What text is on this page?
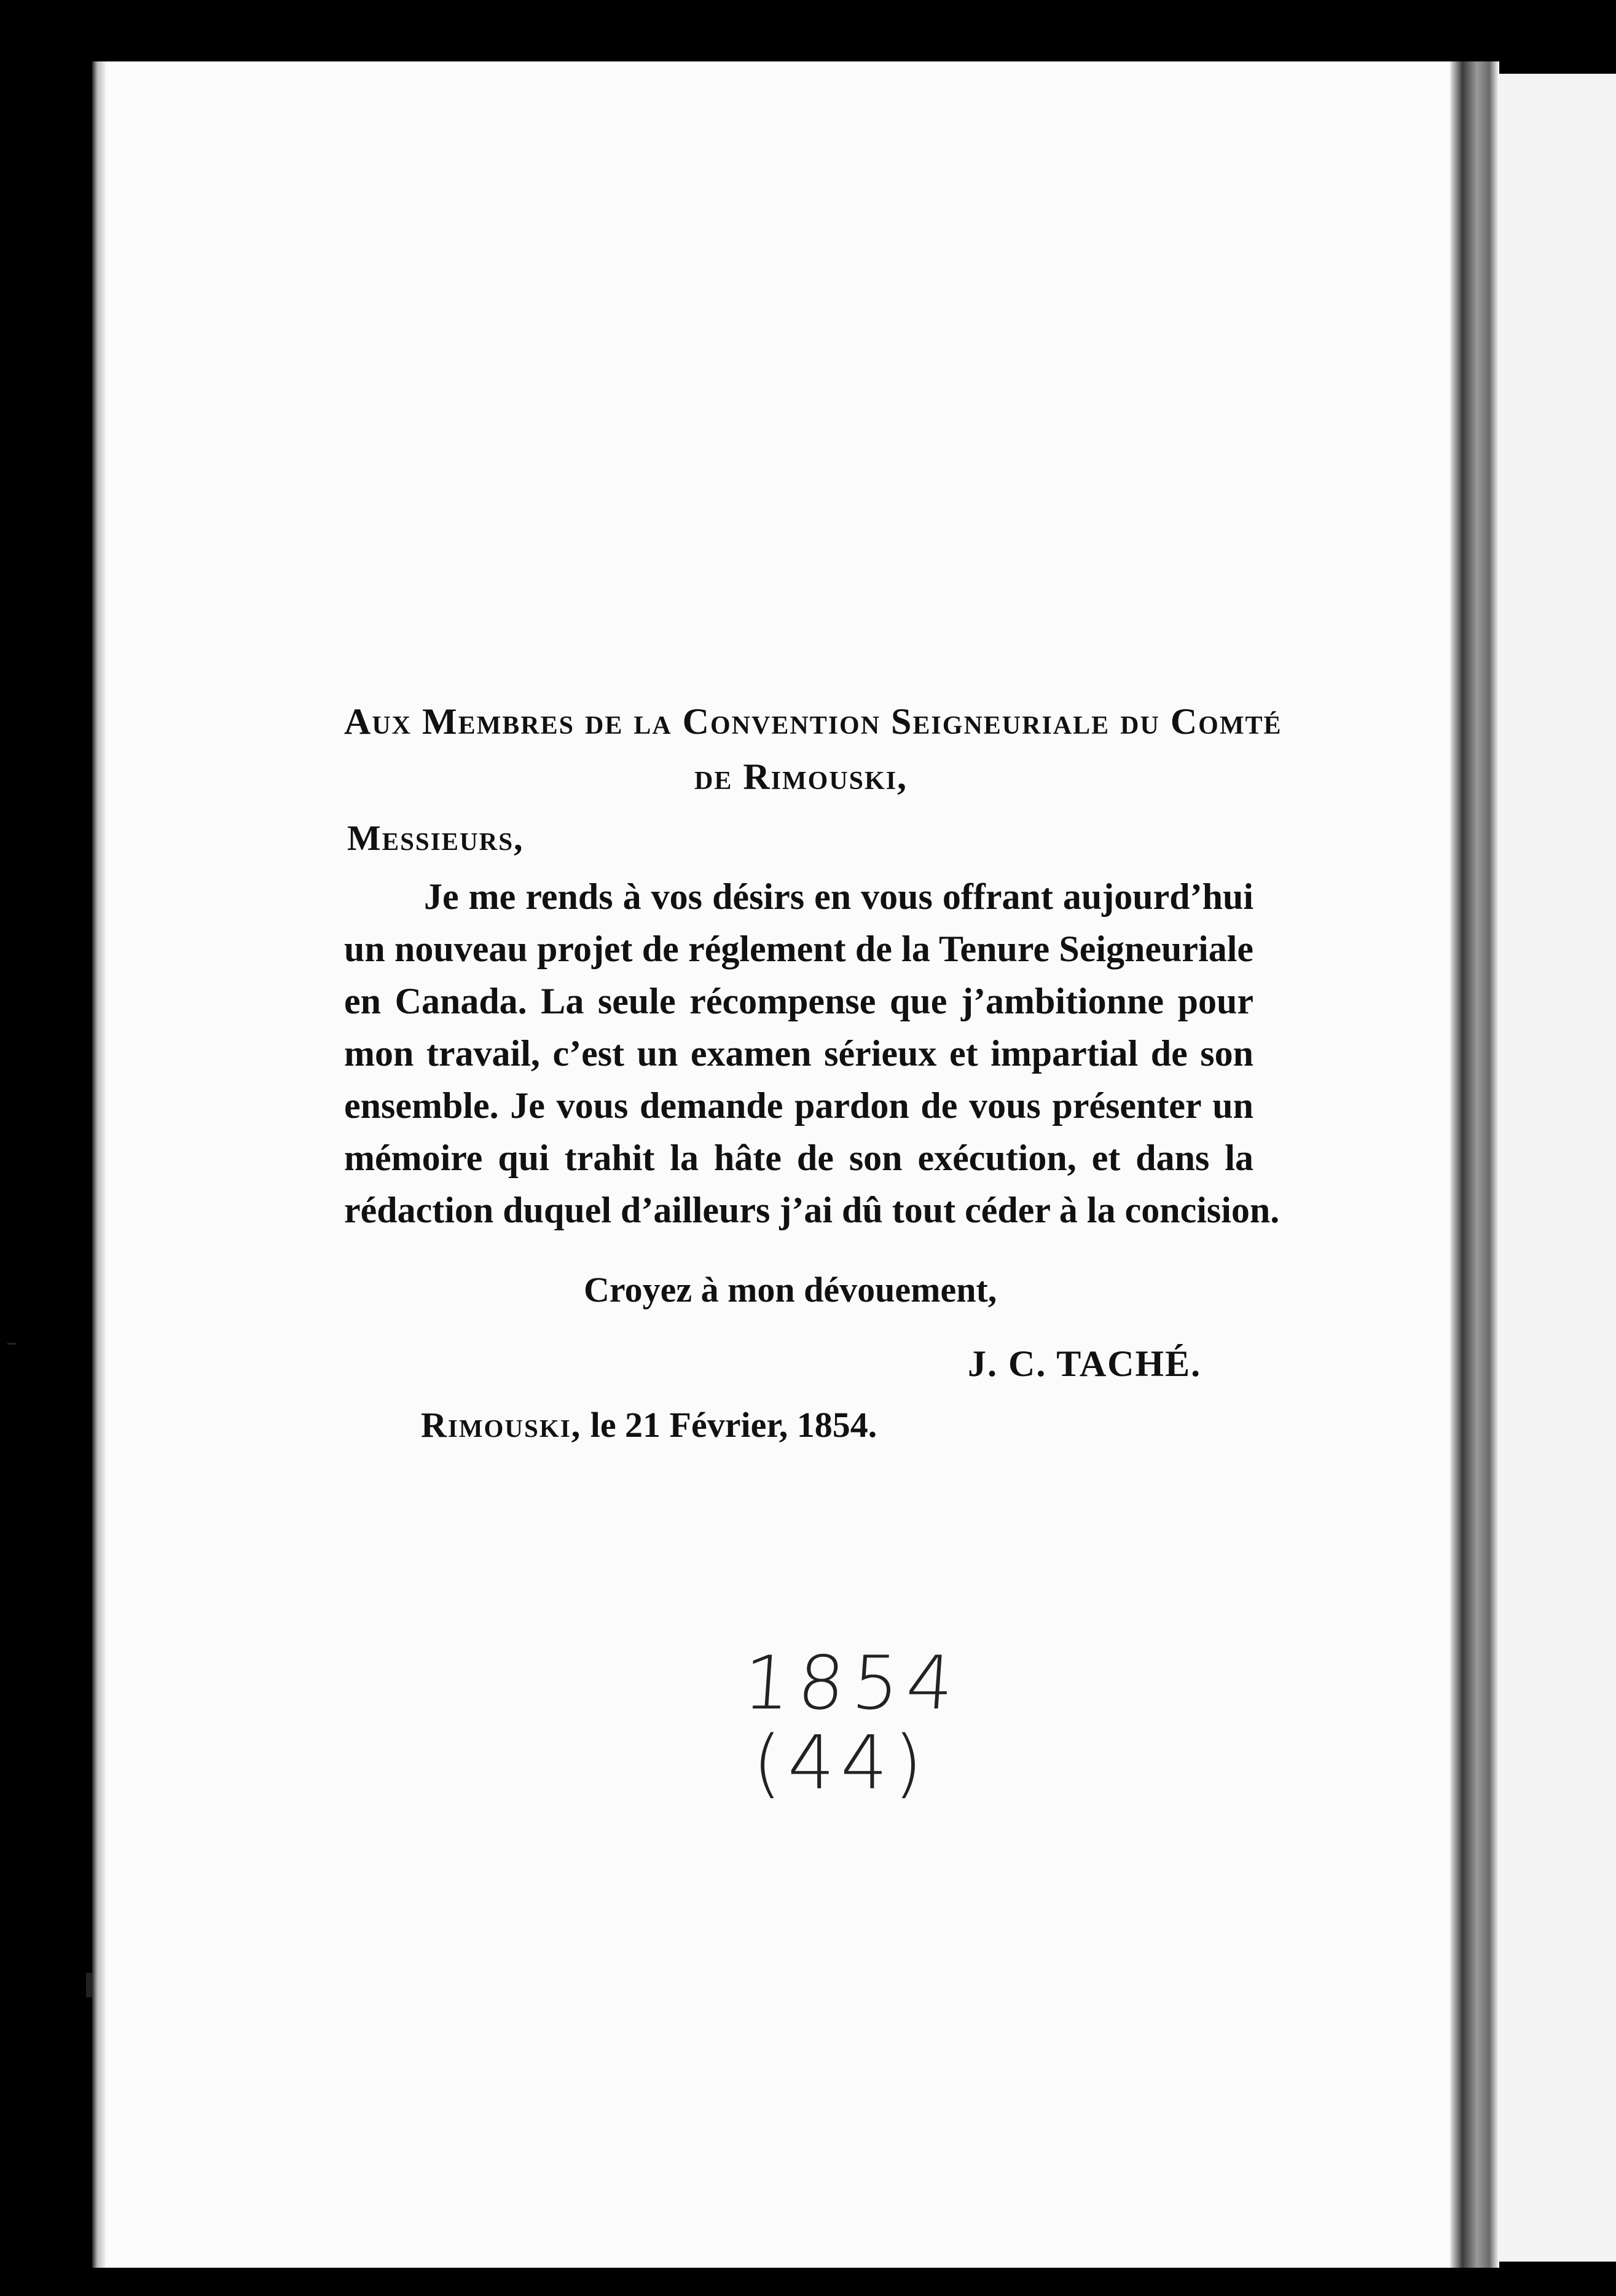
Aux Membres de la Convention Seigneuriale du Comté
de Rimouski,
Messieurs,
Je me rends à vos désirs en vous offrant aujourd’hui
un nouveau projet de réglement de la Tenure Seigneuriale
en Canada. La seule récompense que j’ambitionne pour
mon travail, c’est un examen sérieux et impartial de son
ensemble. Je vous demande pardon de vous présenter un
mémoire qui trahit la hâte de son exécution, et dans la
rédaction duquel d’ailleurs j’ai dû tout céder à la concision.
Croyez à mon dévouement,
J. C. TACHÉ.
Rimouski, le 21 Février, 1854.
1854
(44)
